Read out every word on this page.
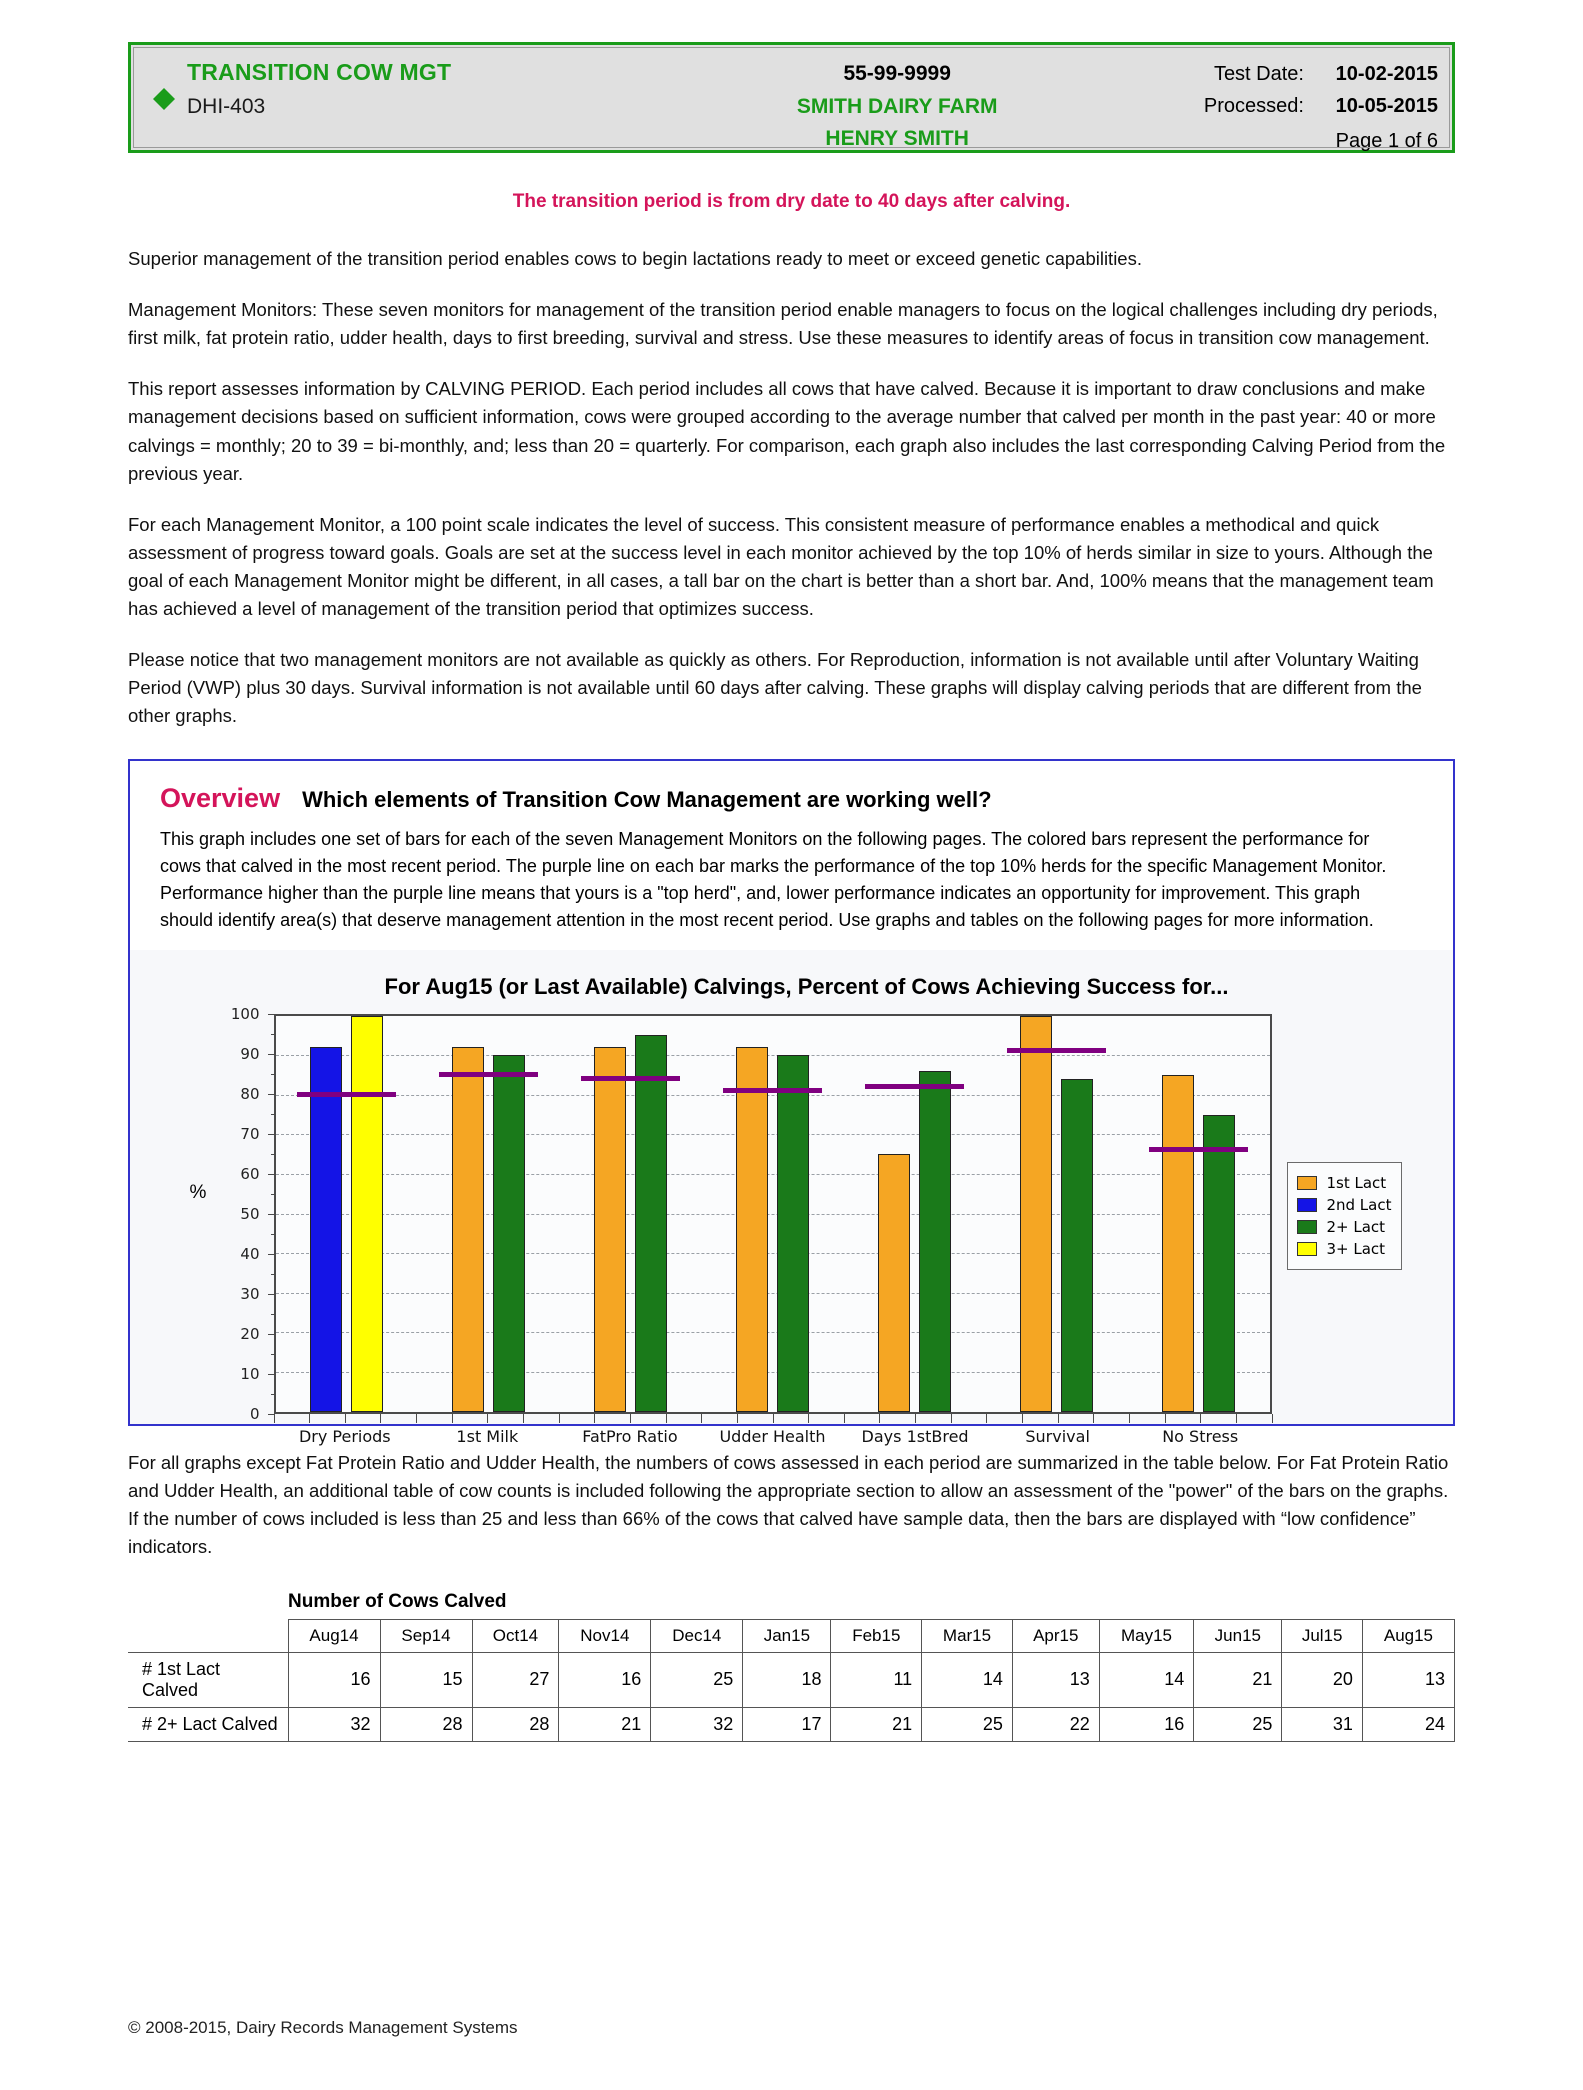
TRANSITION COW MGT
DHI-403
55-99-9999
SMITH DAIRY FARM
HENRY SMITH
Test Date:	10-02-2015
Processed:	10-05-2015
Page 1 of 6
The transition period is from dry date to 40 days after calving.

Superior management of the transition period enables cows to begin lactations ready to meet or exceed genetic capabilities.

Management Monitors: These seven monitors for management of the transition period enable managers to focus on the logical challenges including dry periods, first milk, fat protein ratio, udder health, days to first breeding, survival and stress. Use these measures to identify areas of focus in transition cow management.

This report assesses information by CALVING PERIOD. Each period includes all cows that have calved. Because it is important to draw conclusions and make management decisions based on sufficient information, cows were grouped according to the average number that calved per month in the past year: 40 or more calvings = monthly; 20 to 39 = bi-monthly, and; less than 20 = quarterly. For comparison, each graph also includes the last corresponding Calving Period from the previous year.

For each Management Monitor, a 100 point scale indicates the level of success. This consistent measure of performance enables a methodical and quick assessment of progress toward goals. Goals are set at the success level in each monitor achieved by the top 10% of herds similar in size to yours. Although the goal of each Management Monitor might be different, in all cases, a tall bar on the chart is better than a short bar. And, 100% means that the management team has achieved a level of management of the transition period that optimizes success.

Please notice that two management monitors are not available as quickly as others. For Reproduction, information is not available until after Voluntary Waiting Period (VWP) plus 30 days. Survival information is not available until 60 days after calving. These graphs will display calving periods that are different from the other graphs.

Overview Which elements of Transition Cow Management are working well?
This graph includes one set of bars for each of the seven Management Monitors on the following pages. The colored bars represent the performance for cows that calved in the most recent period. The purple line on each bar marks the performance of the top 10% herds for the specific Management Monitor. Performance higher than the purple line means that yours is a "top herd", and, lower performance indicates an opportunity for improvement. This graph should identify area(s) that deserve management attention in the most recent period. Use graphs and tables on the following pages for more information.
For Aug15 (or Last Available) Calvings, Percent of Cows Achieving Success for...
%
0
10
20
30
40
50
60
70
80
90
100
Dry Periods	1st Milk	FatPro Ratio	Udder Health Days 1stBred	Survival	No Stress
1st Lact
2nd Lact
2+ Lact
3+ Lact

For all graphs except Fat Protein Ratio and Udder Health, the numbers of cows assessed in each period are summarized in the table below. For Fat Protein Ratio and Udder Health, an additional table of cow counts is included following the appropriate section to allow an assessment of the "power" of the bars on the graphs. If the number of cows included is less than 25 and less than 66% of the cows that calved have sample data, then the bars are displayed with “low confidence” indicators.

Number of Cows Calved
	Aug14	Sep14	Oct14	Nov14	Dec14	Jan15	Feb15	Mar15	Apr15	May15	Jun15	Jul15	Aug15
# 1st Lact Calved	16	15	27	16	25	18	11	14	13	14	21	20	13
# 2+ Lact Calved	32	28	28	21	32	17	21	25	22	16	25	31	24
© 2008-2015, Dairy Records Management Systems
